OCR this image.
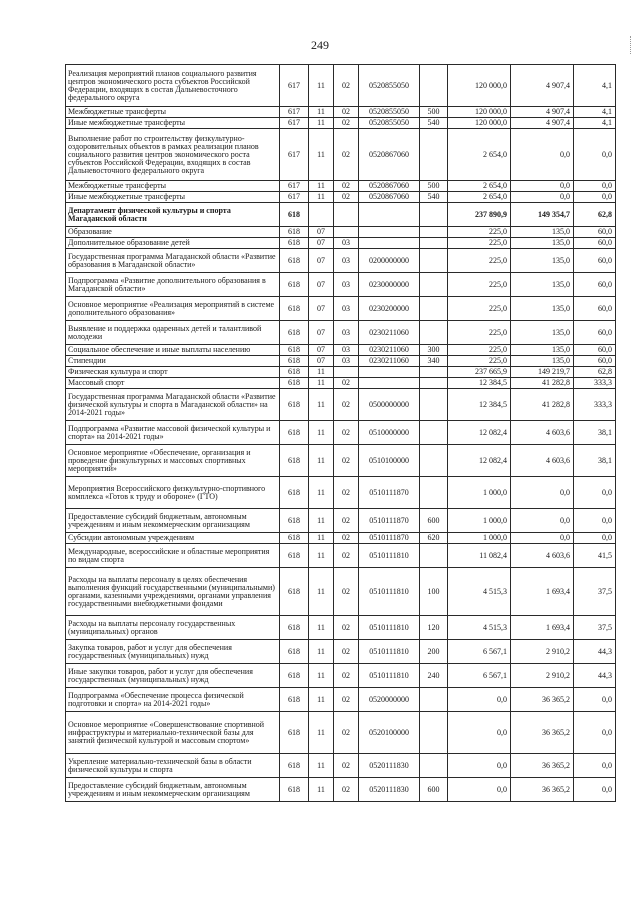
249
Реализация мероприятий планов социального развития центров экономического роста субъектов Российской Федерации, входящих в состав Дальневосточного федерального округа	617	11	02	0520855050		120 000,0	4 907,4	4,1
Межбюджетные трансферты	617	11	02	0520855050	500	120 000,0	4 907,4	4,1
Иные межбюджетные трансферты	617	11	02	0520855050	540	120 000,0	4 907,4	4,1
Выполнение работ по строительству физкультурно-оздоровительных объектов в рамках реализации планов социального развития центров экономического роста субъектов Российской Федерации, входящих в состав Дальневосточного федерального округа	617	11	02	0520867060		2 654,0	0,0	0,0
Межбюджетные трансферты	617	11	02	0520867060	500	2 654,0	0,0	0,0
Иные межбюджетные трансферты	617	11	02	0520867060	540	2 654,0	0,0	0,0
Департамент физической культуры и спорта Магаданской области	618					237 890,9	149 354,7	62,8
Образование	618	07				225,0	135,0	60,0
Дополнительное образование детей	618	07	03			225,0	135,0	60,0
Государственная программа Магаданской области «Развитие образования в Магаданской области»	618	07	03	0200000000		225,0	135,0	60,0
Подпрограмма «Развитие дополнительного образования в Магаданской области»	618	07	03	0230000000		225,0	135,0	60,0
Основное мероприятие «Реализация мероприятий в системе дополнительного образования»	618	07	03	0230200000		225,0	135,0	60,0
Выявление и поддержка одаренных детей и талантливой молодежи	618	07	03	0230211060		225,0	135,0	60,0
Социальное обеспечение и иные выплаты населению	618	07	03	0230211060	300	225,0	135,0	60,0
Стипендии	618	07	03	0230211060	340	225,0	135,0	60,0
Физическая культура и спорт	618	11				237 665,9	149 219,7	62,8
Массовый спорт	618	11	02			12 384,5	41 282,8	333,3
Государственная программа Магаданской области «Развитие физической культуры и спорта в Магаданской области» на 2014-2021 годы»	618	11	02	0500000000		12 384,5	41 282,8	333,3
Подпрограмма «Развитие массовой физической культуры и спорта» на 2014-2021 годы»	618	11	02	0510000000		12 082,4	4 603,6	38,1
Основное мероприятие «Обеспечение, организация и проведение физкультурных и массовых спортивных мероприятий»	618	11	02	0510100000		12 082,4	4 603,6	38,1
Мероприятия Всероссийского физкультурно-спортивного комплекса «Готов к труду и обороне» (ГТО)	618	11	02	0510111870		1 000,0	0,0	0,0
Предоставление субсидий бюджетным, автономным учреждениям и иным некоммерческим организациям	618	11	02	0510111870	600	1 000,0	0,0	0,0
Субсидии автономным учреждениям	618	11	02	0510111870	620	1 000,0	0,0	0,0
Международные, всероссийские и областные мероприятия по видам спорта	618	11	02	0510111810		11 082,4	4 603,6	41,5
Расходы на выплаты персоналу в целях обеспечения выполнения функций государственными (муниципальными) органами, казенными учреждениями, органами управления государственными внебюджетными фондами	618	11	02	0510111810	100	4 515,3	1 693,4	37,5
Расходы на выплаты персоналу государственных (муниципальных) органов	618	11	02	0510111810	120	4 515,3	1 693,4	37,5
Закупка товаров, работ и услуг для обеспечения государственных (муниципальных) нужд	618	11	02	0510111810	200	6 567,1	2 910,2	44,3
Иные закупки товаров, работ и услуг для обеспечения государственных (муниципальных) нужд	618	11	02	0510111810	240	6 567,1	2 910,2	44,3
Подпрограмма «Обеспечение процесса физической подготовки и спорта» на 2014-2021 годы»	618	11	02	0520000000		0,0	36 365,2	0,0
Основное мероприятие «Совершенствование спортивной инфраструктуры и материально-технической базы для занятий физической культурой и массовым спортом»	618	11	02	0520100000		0,0	36 365,2	0,0
Укрепление материально-технической базы в области физической культуры и спорта	618	11	02	0520111830		0,0	36 365,2	0,0
Предоставление субсидий бюджетным, автономным учреждениям и иным некоммерческим организациям	618	11	02	0520111830	600	0,0	36 365,2	0,0
